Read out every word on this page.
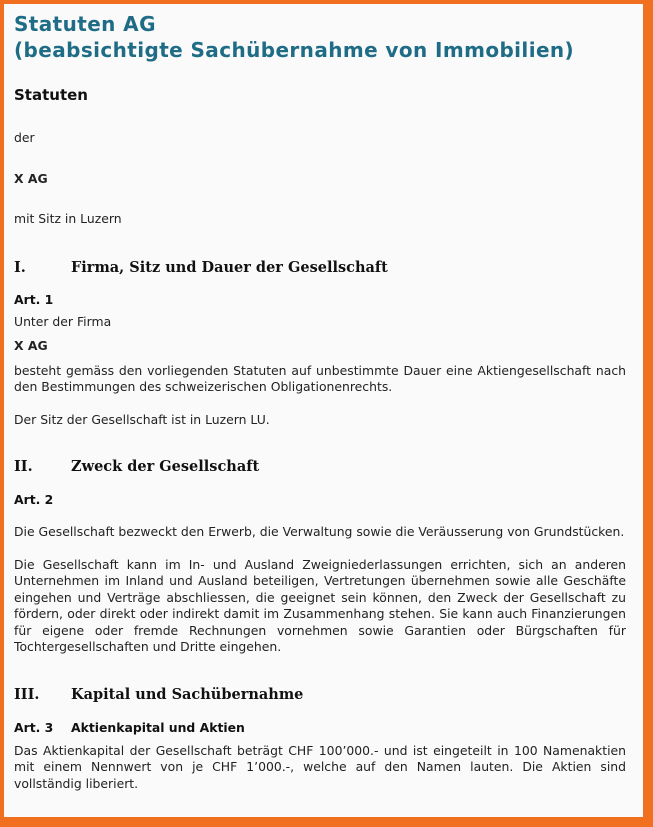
Statuten AG
(beabsichtigte Sachübernahme von Immobilien)
Statuten

der

X AG

mit Sitz in Luzern

I.	Firma, Sitz und Dauer der Gesellschaft
Art. 1

Unter der Firma

X AG

besteht gemäss den vorliegenden Statuten auf unbestimmte Dauer eine Aktiengesellschaft nach den Bestimmungen des schweizerischen Obligationenrechts.

Der Sitz der Gesellschaft ist in Luzern LU.

II.	Zweck der Gesellschaft
Art. 2

Die Gesellschaft bezweckt den Erwerb, die Verwaltung sowie die Veräusserung von Grundstücken.

Die Gesellschaft kann im In- und Ausland Zweigniederlassungen errichten, sich an anderen Unternehmen im Inland und Ausland beteiligen, Vertretungen übernehmen sowie alle Geschäfte eingehen und Verträge abschliessen, die geeignet sein können, den Zweck der Gesellschaft zu fördern, oder direkt oder indirekt damit im Zusammenhang stehen. Sie kann auch Finanzierungen für eigene oder fremde Rechnungen vornehmen sowie Garantien oder Bürgschaften für Tochtergesellschaften und Dritte eingehen.

III.	Kapital und Sachübernahme
Art. 3	Aktienkapital und Aktien

Das Aktienkapital der Gesellschaft beträgt CHF 100’000.- und ist eingeteilt in 100 Namenaktien mit einem Nennwert von je CHF 1’000.-, welche auf den Namen lauten. Die Aktien sind vollständig liberiert.
